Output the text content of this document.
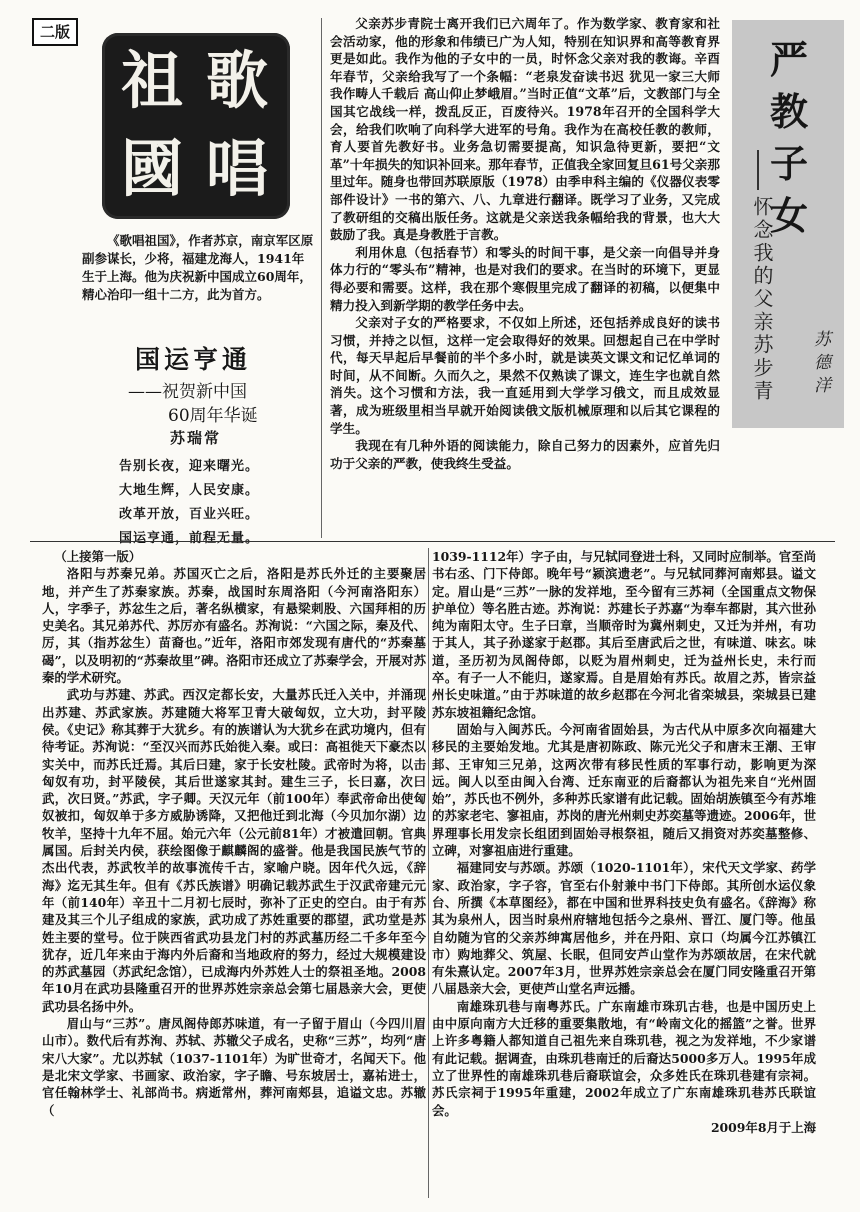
二版
歌
唱
祖
國

《歌唱祖国》，作者苏京，南京军区原副参谋长，少将，福建龙海人，1941年生于上海。他为庆祝新中国成立60周年，精心治印一组十二方，此为首方。

国运亨通
——祝贺新中国
60周年华诞
苏瑞常
告别长夜，迎来曙光。
大地生辉，人民安康。
改革开放，百业兴旺。
国运亨通，前程无量。

父亲苏步青院士离开我们已六周年了。作为数学家、教育家和社会活动家，他的形象和伟绩已广为人知，特别在知识界和高等教育界更是如此。我作为他的子女中的一员，时怀念父亲对我的教诲。辛酉年春节，父亲给我写了一个条幅：“老泉发奋读书迟 犹见一家三大师 我作畴人千载后 高山仰止梦峨眉。”当时正值“文革”后，文教部门与全国其它战线一样，拨乱反正，百废待兴。1978年召开的全国科学大会，给我们吹响了向科学大进军的号角。我作为在高校任教的教师，育人要首先教好书。业务急切需要提高，知识急待更新，要把“文革”十年损失的知识补回来。那年春节，正值我全家回复旦61号父亲那里过年。随身也带回苏联原版（1978）由季申科主编的《仪器仪表零部件设计》一书的第六、八、九章进行翻译。既学习了业务，又完成了教研组的交稿出版任务。这就是父亲送我条幅给我的背景，也大大鼓励了我。真是身教胜于言教。

利用休息（包括春节）和零头的时间干事，是父亲一向倡导并身体力行的“零头布”精神，也是对我们的要求。在当时的环境下，更显得必要和需要。这样，我在那个寒假里完成了翻译的初稿，以便集中精力投入到新学期的教学任务中去。

父亲对子女的严格要求，不仅如上所述，还包括养成良好的读书习惯，并持之以恒，这样一定会取得好的效果。回想起自己在中学时代，每天早起后早餐前的半个多小时，就是读英文课文和记忆单词的时间，从不间断。久而久之，果然不仅熟读了课文，连生字也就自然消失。这个习惯和方法，我一直延用到大学学习俄文，而且成效显著，成为班级里相当早就开始阅读俄文版机械原理和以后其它课程的学生。

我现在有几种外语的阅读能力，除自己努力的因素外，应首先归功于父亲的严教，使我终生受益。

严
教
子
女
怀念我的父亲苏步青 苏德洋

（上接第一版）

洛阳与苏秦兄弟。苏国灭亡之后，洛阳是苏氏外迁的主要聚居地，并产生了苏秦家族。苏秦，战国时东周洛阳（今河南洛阳东）人，字季子，苏忿生之后，著名纵横家，有悬梁刺股、六国拜相的历史美名。其兄弟苏代、苏厉亦有盛名。苏洵说：“六国之际，秦及代、厉，其（指苏忿生）苗裔也。”近年，洛阳市郊发现有唐代的“苏秦墓碣”，以及明初的“苏秦故里”碑。洛阳市还成立了苏秦学会，开展对苏秦的学术研究。

武功与苏建、苏武。西汉定都长安，大量苏氏迁入关中，并涌现出苏建、苏武家族。苏建随大将军卫青大破匈奴，立大功，封平陵侯。《史记》称其葬于大犹乡。有的族谱认为大犹乡在武功境内，但有待考证。苏洵说：“至汉兴而苏氏始徙入秦。或曰：高祖徙天下豪杰以实关中，而苏氏迁焉。其后曰建，家于长安杜陵。武帝时为将，以击匈奴有功，封平陵侯，其后世遂家其封。建生三子，长曰嘉，次曰武，次曰贤。”苏武，字子卿。天汉元年（前100年）奉武帝命出使匈奴被扣，匈奴单于多方威胁诱降，又把他迁到北海（今贝加尔湖）边牧羊，坚持十九年不屈。始元六年（公元前81年）才被遣回朝。官典属国。后封关内侯，获绘图像于麒麟阁的盛誉。他是我国民族气节的杰出代表，苏武牧羊的故事流传千古，家喻户晓。因年代久远，《辞海》迄无其生年。但有《苏氏族谱》明确记载苏武生于汉武帝建元元年（前140年）辛丑十二月初七辰时，弥补了正史的空白。由于有苏建及其三个儿子组成的家族，武功成了苏姓重要的郡望，武功堂是苏姓主要的堂号。位于陕西省武功县龙门村的苏武墓历经二千多年至今犹存，近几年来由于海内外后裔和当地政府的努力，经过大规模建设的苏武墓园（苏武纪念馆），已成海内外苏姓人士的祭祖圣地。2008年10月在武功县隆重召开的世界苏姓宗亲总会第七届恳亲大会，更使武功县名扬中外。

眉山与“三苏”。唐凤阁侍郎苏味道，有一子留于眉山（今四川眉山市）。数代后有苏洵、苏轼、苏辙父子成名，史称“三苏”，均列“唐宋八大家”。尤以苏轼（1037-1101年）为旷世奇才，名闻天下。他是北宋文学家、书画家、政治家，字子瞻、号东坡居士，嘉祐进士，官任翰林学士、礼部尚书。病逝常州，葬河南郏县，追谥文忠。苏辙（

1039-1112年）字子由，与兄轼同登进士科，又同时应制举。官至尚书右丞、门下侍郎。晚年号“颍滨遗老”。与兄轼同葬河南郏县。谥文定。眉山是“三苏”一脉的发祥地，至今留有三苏祠（全国重点文物保护单位）等名胜古迹。苏洵说：苏建长子苏嘉“为奉车都尉，其六世孙纯为南阳太守。生子曰章，当顺帝时为冀州刺史，又迁为并州，有功于其人，其子孙遂家于赵郡。其后至唐武后之世，有味道、味玄。味道，圣历初为凤阁侍郎，以贬为眉州刺史，迁为益州长史，未行而卒。有子一人不能归，遂家焉。自是眉始有苏氏。故眉之苏，皆宗益州长史味道。”由于苏味道的故乡赵郡在今河北省栾城县，栾城县已建苏东坡祖籍纪念馆。

固始与入闽苏氏。今河南省固始县，为古代从中原多次向福建大移民的主要始发地。尤其是唐初陈政、陈元光父子和唐末王潮、王审邽、王审知三兄弟，这两次带有移民性质的军事行动，影响更为深远。闽人以至由闽入台湾、迁东南亚的后裔都认为祖先来自“光州固始”，苏氏也不例外，多种苏氏家谱有此记载。固始胡族镇至今有苏堆的苏家老宅、寥祖庙，苏岗的唐光州刺史苏奕墓等遗迹。2006年，世界理事长用发宗长组团到固始寻根祭祖，随后又捐资对苏奕墓整修、立碑，对寥祖庙进行重建。

福建同安与苏颂。苏颂（1020-1101年），宋代天文学家、药学家、政治家，字子容，官至右仆射兼中书门下侍郎。其所创水运仪象台、所撰《本草图经》，都在中国和世界科技史负有盛名。《辞海》称其为泉州人，因当时泉州府辖地包括今之泉州、晋江、厦门等。他虽自幼随为官的父亲苏绅寓居他乡，并在丹阳、京口（均属今江苏镇江市）购地葬父、筑屋、长眠，但同安芦山堂作为苏颂故居，在宋代就有朱熹认定。2007年3月，世界苏姓宗亲总会在厦门同安隆重召开第八届恳亲大会，更使芦山堂名声远播。

南雄珠玑巷与南粤苏氏。广东南雄市珠玑古巷，也是中国历史上由中原向南方大迁移的重要集散地，有“岭南文化的摇篮”之誉。世界上许多粤籍人都知道自己祖先来自珠玑巷，视之为发祥地，不少家谱有此记载。据调查，由珠玑巷南迁的后裔达5000多万人。1995年成立了世界性的南雄珠玑巷后裔联谊会，众多姓氏在珠玑巷建有宗祠。苏氏宗祠于1995年重建，2002年成立了广东南雄珠玑巷苏氏联谊会。

2009年8月于上海
